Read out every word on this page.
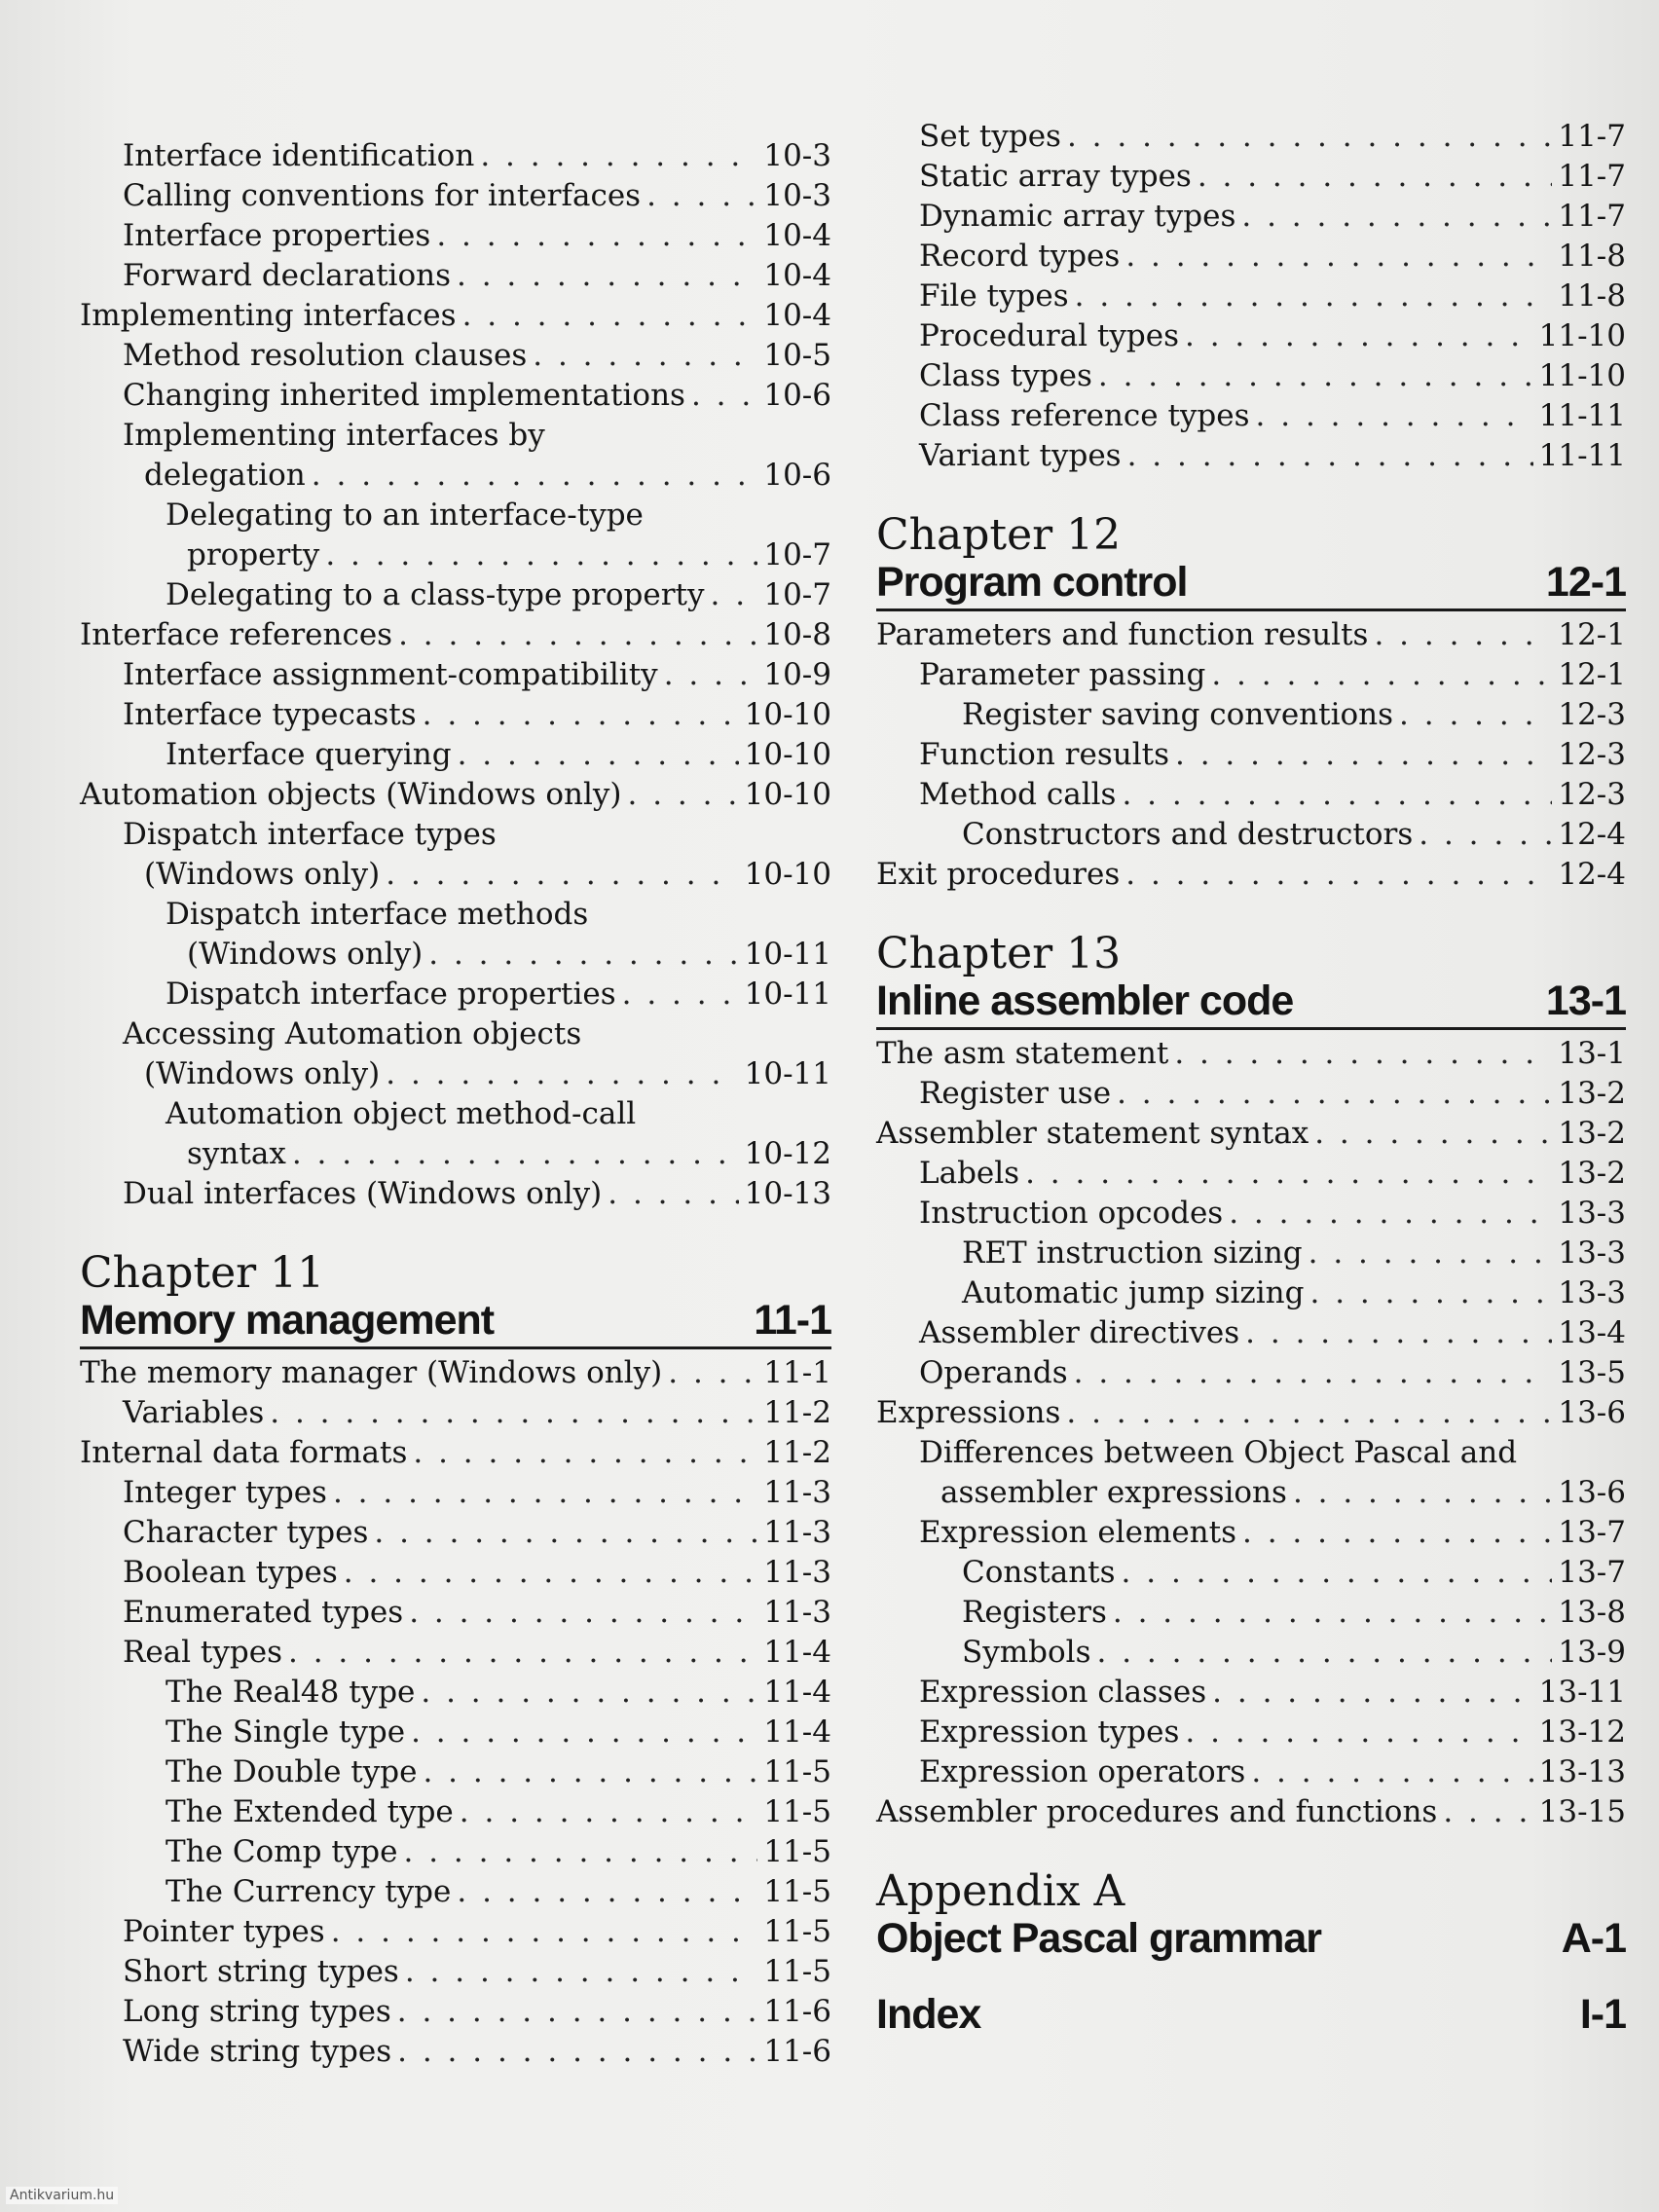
Interface identification . . .	10-3
Calling conventions for interfaces . . .	10-3
Interface properties . . .	10-4
Forward declarations . . .	10-4
Implementing interfaces . . .	10-4
Method resolution clauses . . .	10-5
Changing inherited implementations . . .	10-6
Implementing interfaces by
delegation . . .	10-6
Delegating to an interface-type
property . . .	10-7
Delegating to a class-type property . . . 10-7
Interface references . . .	10-8
Interface assignment-compatibility . . .	10-9
Interface typecasts . . .	10-10
Interface querying . . .	10-10
Automation objects (Windows only) . . .	10-10
Dispatch interface types
(Windows only) . . .	10-10
Dispatch interface methods
(Windows only) . . .	10-11
Dispatch interface properties . . .	10-11
Accessing Automation objects
(Windows only) . . .	10-11
Automation object method-call
syntax . . .	10-12
Dual interfaces (Windows only) . . .	10-13
Chapter 11
Memory management	11-1
The memory manager (Windows only) . . .	11-1
Variables . . .	11-2
Internal data formats . . .	11-2
Integer types . . .	11-3
Character types . . .	11-3
Boolean types . . .	11-3
Enumerated types . . .	11-3
Real types . . .	11-4
The Real48 type . . .	11-4
The Single type . . .	11-4
The Double type . . .	11-5
The Extended type . . .	11-5
The Comp type . . .	11-5
The Currency type . . .	11-5
Pointer types . . .	11-5
Short string types . . .	11-5
Long string types . . .	11-6
Wide string types . . .	11-6
Set types . . .	11-7
Static array types . . .	11-7
Dynamic array types . . .	11-7
Record types . . .	11-8
File types . . .	11-8
Procedural types . . .	11-10
Class types . . .	11-10
Class reference types . . .	11-11
Variant types . . .	11-11
Chapter 12
Program control	12-1
Parameters and function results . . .	12-1
Parameter passing . . .	12-1
Register saving conventions . . .	12-3
Function results . . .	12-3
Method calls . . .	12-3
Constructors and destructors . . .	12-4
Exit procedures . . .	12-4
Chapter 13
Inline assembler code	13-1
The asm statement . . .	13-1
Register use . . .	13-2
Assembler statement syntax . . .	13-2
Labels . . .	13-2
Instruction opcodes . . .	13-3
RET instruction sizing . . .	13-3
Automatic jump sizing . . .	13-3
Assembler directives . . .	13-4
Operands . . .	13-5
Expressions . . .	13-6
Differences between Object Pascal and
assembler expressions . . .	13-6
Expression elements . . .	13-7
Constants . . .	13-7
Registers . . .	13-8
Symbols . . .	13-9
Expression classes . . .	13-11
Expression types . . .	13-12
Expression operators . . .	13-13
Assembler procedures and functions . . .	13-15
Appendix A
Object Pascal grammar	A-1
Index	I-1
Antikvarium.hu
